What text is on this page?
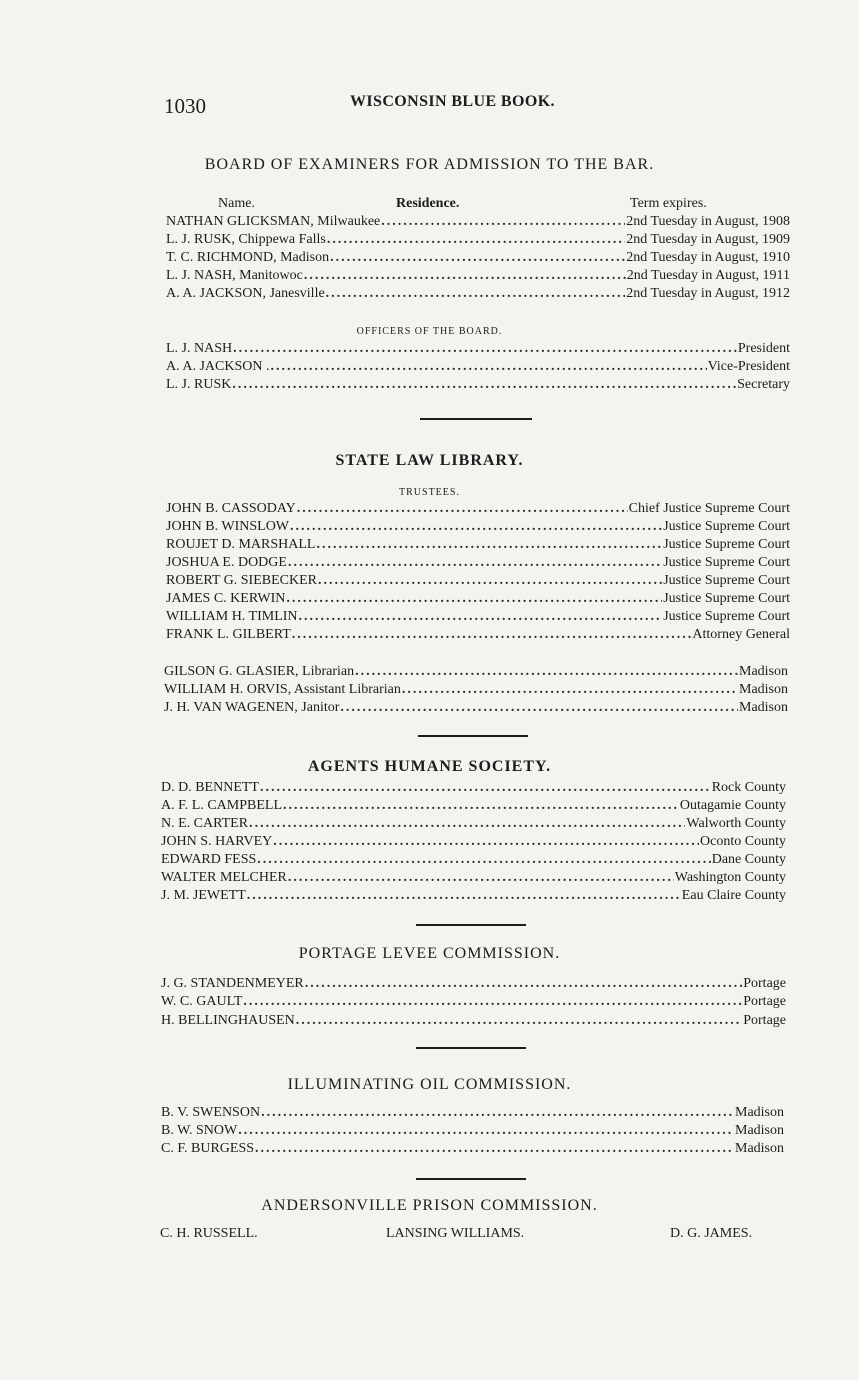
1030	WISCONSIN BLUE BOOK.
BOARD OF EXAMINERS FOR ADMISSION TO THE BAR.
Name.	Residence.	Term expires.
NATHAN GLICKSMAN, Milwaukee .....	2nd Tuesday in August, 1908
L. J. RUSK, Chippewa Falls .....	2nd Tuesday in August, 1909
T. C. RICHMOND, Madison .....	2nd Tuesday in August, 1910
L. J. NASH, Manitowoc .....	2nd Tuesday in August, 1911
A. A. JACKSON, Janesville .....	2nd Tuesday in August, 1912
OFFICERS OF THE BOARD.
L. J. NASH .....	President
A. A. JACKSON . .....	Vice-President
L. J. RUSK .....	Secretary
STATE LAW LIBRARY.
TRUSTEES.
JOHN B. CASSODAY .....	Chief Justice Supreme Court
JOHN B. WINSLOW .....	Justice Supreme Court
ROUJET D. MARSHALL .....	Justice Supreme Court
JOSHUA E. DODGE .....	Justice Supreme Court
ROBERT G. SIEBECKER .....	Justice Supreme Court
JAMES C. KERWIN .....	Justice Supreme Court
WILLIAM H. TIMLIN .....	Justice Supreme Court
FRANK L. GILBERT .....	Attorney General
GILSON G. GLASIER, Librarian .....	Madison
WILLIAM H. ORVIS, Assistant Librarian .....	Madison
J. H. VAN WAGENEN, Janitor .....	Madison
AGENTS HUMANE SOCIETY.
D. D. BENNETT .....	Rock County
A. F. L. CAMPBELL .....	Outagamie County
N. E. CARTER .....	Walworth County
JOHN S. HARVEY .....	Oconto County
EDWARD FESS .....	Dane County
WALTER MELCHER .....	Washington County
J. M. JEWETT .....	Eau Claire County
PORTAGE LEVEE COMMISSION.
J. G. STANDENMEYER .....	Portage
W. C. GAULT .....	Portage
H. BELLINGHAUSEN .....	Portage
ILLUMINATING OIL COMMISSION.
B. V. SWENSON .....	Madison
B. W. SNOW .....	Madison
C. F. BURGESS .....	Madison
ANDERSONVILLE PRISON COMMISSION.
C. H. RUSSELL.	LANSING WILLIAMS.	D. G. JAMES.
